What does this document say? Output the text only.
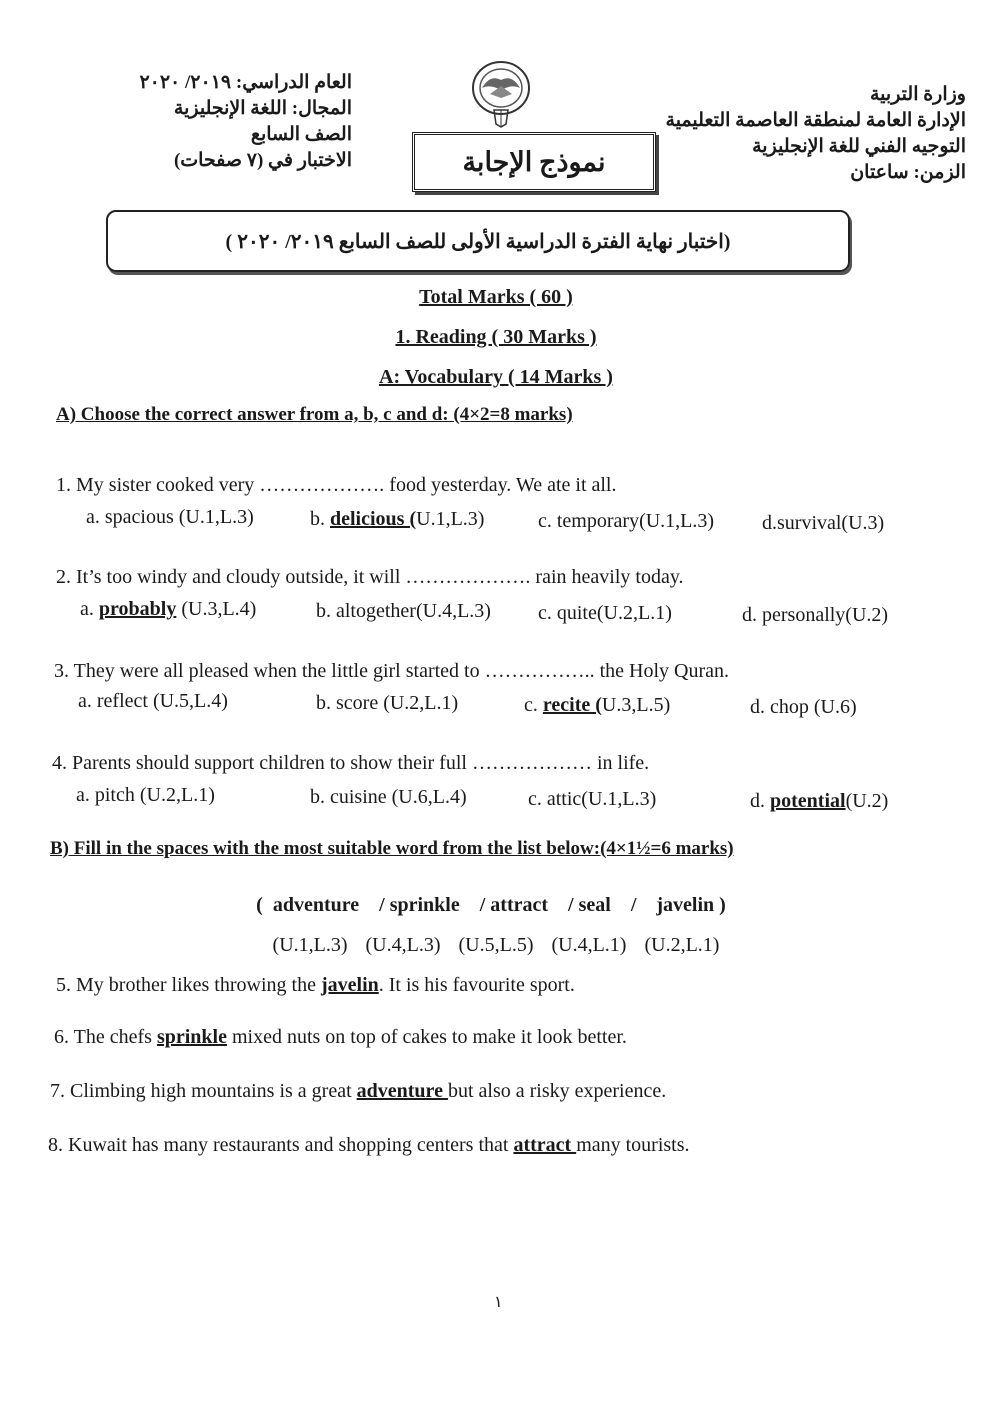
وزارة التربية
الإدارة العامة لمنطقة العاصمة التعليمية
التوجيه الفني للغة الإنجليزية
الزمن: ساعتان
العام الدراسي: ٢٠١٩/ ٢٠٢٠
المجال: اللغة الإنجليزية
الصف السابع
الاختبار في (٧ صفحات)	نموذج الإجابة
(اختبار نهاية الفترة الدراسية الأولى للصف السابع ٢٠١٩/ ٢٠٢٠ )
Total Marks ( 60 )
1. Reading ( 30 Marks )
A: Vocabulary ( 14 Marks )
A) Choose the correct answer from a, b, c and d: (4×2=8 marks)
1. My sister cooked very ………………. food yesterday. We ate it all.
a. spacious (U.1,L.3)	b. delicious (U.1,L.3)	c. temporary(U.1,L.3) d.survival(U.3)
2. It’s too windy and cloudy outside, it will ………………. rain heavily today.
a. probably (U.3,L.4)	b. altogether(U.4,L.3) c. quite(U.2,L.1)	d. personally(U.2)
3. They were all pleased when the little girl started to …………….. the Holy Quran.
a. reflect (U.5,L.4)	b. score (U.2,L.1)	c. recite (U.3,L.5)	d. chop (U.6)
4. Parents should support children to show their full ……………… in life.
a. pitch (U.2,L.1)	b. cuisine (U.6,L.4)	c. attic(U.1,L.3)	d. potential(U.2)
B) Fill in the spaces with the most suitable word from the list below:(4×1½=6 marks)
( adventure / sprinkle / attract / seal / javelin )
(U.1,L.3) (U.4,L.3) (U.5,L.5) (U.4,L.1) (U.2,L.1)
5. My brother likes throwing the javelin. It is his favourite sport.
6. The chefs sprinkle mixed nuts on top of cakes to make it look better.
7. Climbing high mountains is a great adventure but also a risky experience.
8. Kuwait has many restaurants and shopping centers that attract many tourists.
١
